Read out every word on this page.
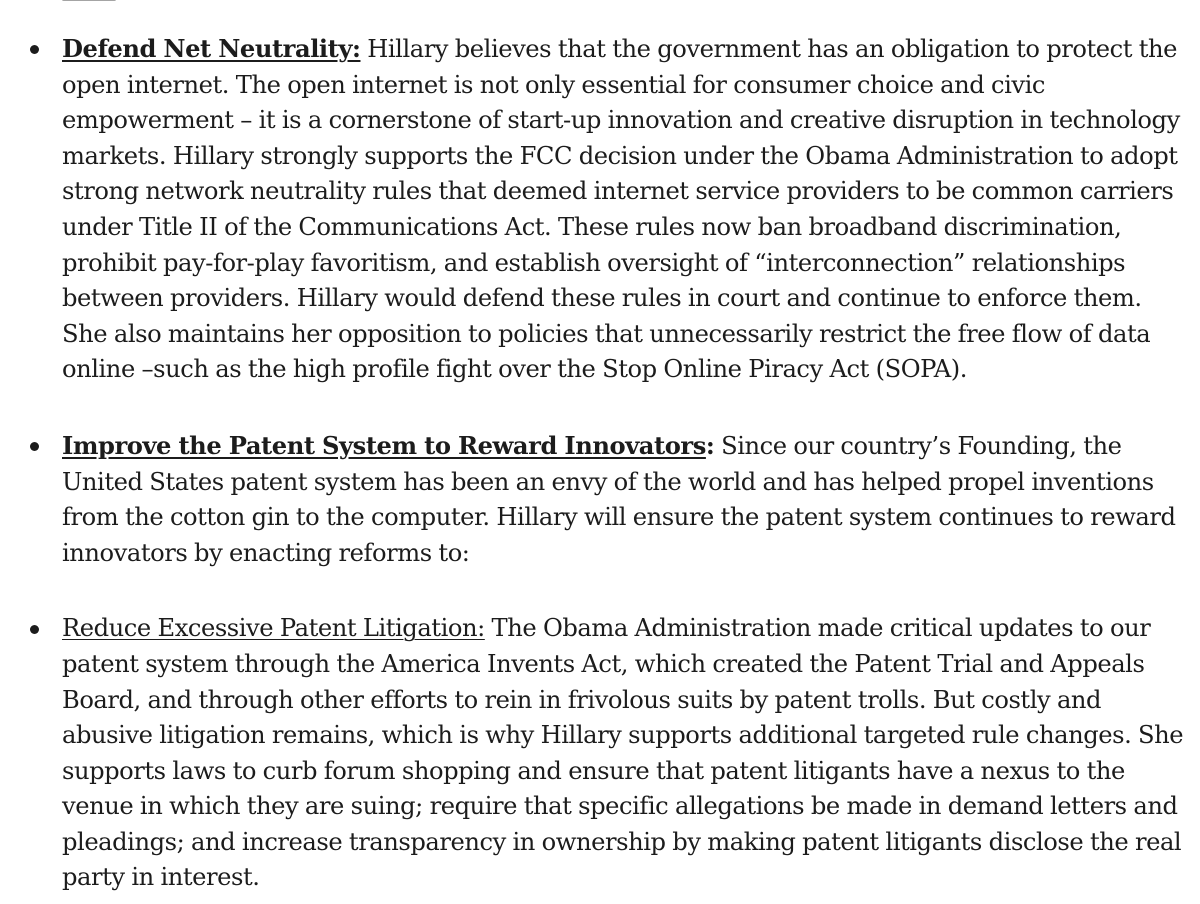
Defend Net Neutrality: Hillary believes that the government has an obligation to protect the open internet. The open internet is not only essential for consumer choice and civic empowerment – it is a cornerstone of start-up innovation and creative disruption in technology markets. Hillary strongly supports the FCC decision under the Obama Administration to adopt strong network neutrality rules that deemed internet service providers to be common carriers under Title II of the Communications Act. These rules now ban broadband discrimination, prohibit pay-for-play favoritism, and establish oversight of “interconnection” relationships between providers. Hillary would defend these rules in court and continue to enforce them. She also maintains her opposition to policies that unnecessarily restrict the free flow of data online –such as the high profile fight over the Stop Online Piracy Act (SOPA).
Improve the Patent System to Reward Innovators: Since our country’s Founding, the United States patent system has been an envy of the world and has helped propel inventions from the cotton gin to the computer. Hillary will ensure the patent system continues to reward innovators by enacting reforms to:
Reduce Excessive Patent Litigation: The Obama Administration made critical updates to our patent system through the America Invents Act, which created the Patent Trial and Appeals Board, and through other efforts to rein in frivolous suits by patent trolls. But costly and abusive litigation remains, which is why Hillary supports additional targeted rule changes. She supports laws to curb forum shopping and ensure that patent litigants have a nexus to the venue in which they are suing; require that specific allegations be made in demand letters and pleadings; and increase transparency in ownership by making patent litigants disclose the real party in interest.
